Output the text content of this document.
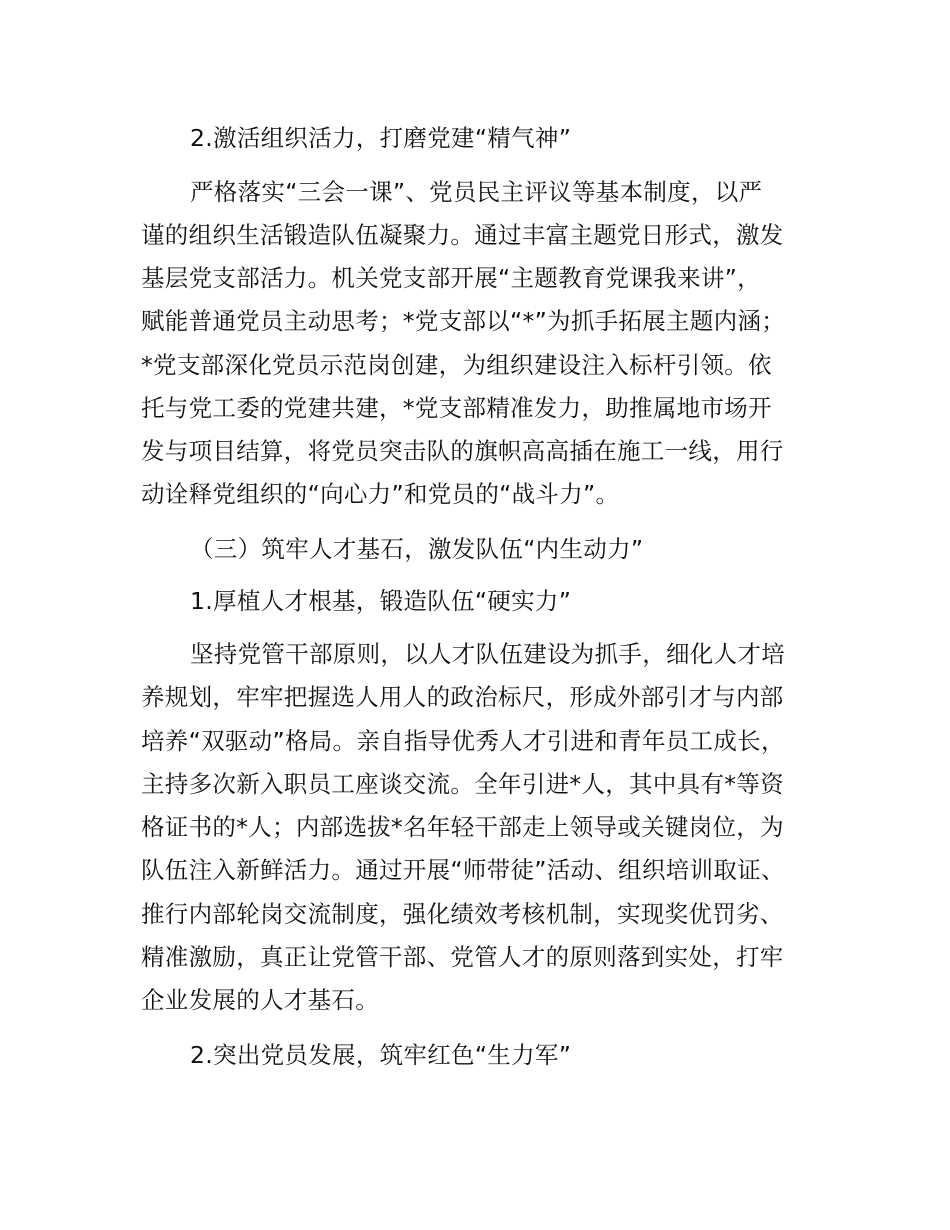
2.激活组织活力，打磨党建“精气神”
严格落实“三会一课”、党员民主评议等基本制度，以严
谨的组织生活锻造队伍凝聚力。通过丰富主题党日形式，激发
基层党支部活力。机关党支部开展“主题教育党课我来讲”，
赋能普通党员主动思考；*党支部以“*”为抓手拓展主题内涵；
*党支部深化党员示范岗创建，为组织建设注入标杆引领。依
托与党工委的党建共建，*党支部精准发力，助推属地市场开
发与项目结算，将党员突击队的旗帜高高插在施工一线，用行
动诠释党组织的“向心力”和党员的“战斗力”。
（三）筑牢人才基石，激发队伍“内生动力”
1.厚植人才根基，锻造队伍“硬实力”
坚持党管干部原则，以人才队伍建设为抓手，细化人才培
养规划，牢牢把握选人用人的政治标尺，形成外部引才与内部
培养“双驱动”格局。亲自指导优秀人才引进和青年员工成长，
主持多次新入职员工座谈交流。全年引进*人，其中具有*等资
格证书的*人；内部选拔*名年轻干部走上领导或关键岗位，为
队伍注入新鲜活力。通过开展“师带徒”活动、组织培训取证、
推行内部轮岗交流制度，强化绩效考核机制，实现奖优罚劣、
精准激励，真正让党管干部、党管人才的原则落到实处，打牢
企业发展的人才基石。
2.突出党员发展，筑牢红色“生力军”
